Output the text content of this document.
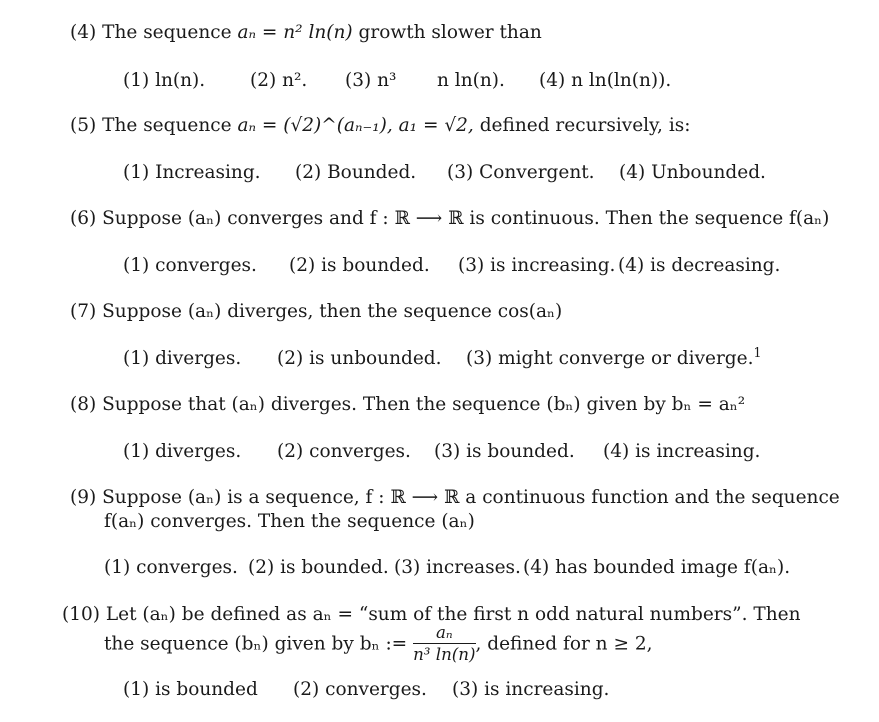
(4) The sequence aₙ = n² ln(n) growth slower than
(1) ln(n). (2) n². (3) n³ n ln(n). (4) n ln(ln(n)).
(5) The sequence aₙ = (√2)^(aₙ₋₁), a₁ = √2, defined recursively, is:
(1) Increasing. (2) Bounded. (3) Convergent. (4) Unbounded.
(6) Suppose (aₙ) converges and f : ℝ ⟶ ℝ is continuous. Then the sequence f(aₙ)
(1) converges. (2) is bounded. (3) is increasing. (4) is decreasing.
(7) Suppose (aₙ) diverges, then the sequence cos(aₙ)
(1) diverges. (2) is unbounded. (3) might converge or diverge.$^1$
(8) Suppose that (aₙ) diverges. Then the sequence (bₙ) given by bₙ = aₙ²
(1) diverges. (2) converges. (3) is bounded. (4) is increasing.
(9) Suppose (aₙ) is a sequence, f : ℝ ⟶ ℝ a continuous function and the sequence
f(aₙ) converges. Then the sequence (aₙ)
(1) converges. (2) is bounded. (3) increases. (4) has bounded image f(aₙ).
(10) Let (aₙ) be defined as aₙ = “sum of the first n odd natural numbers”. Then
the sequence (bₙ) given by bₙ := $\frac{\text{aₙ}}{\text{n³ ln(n)}}$ , defined for n ≥ 2,
(1) is bounded (2) converges. (3) is increasing.
